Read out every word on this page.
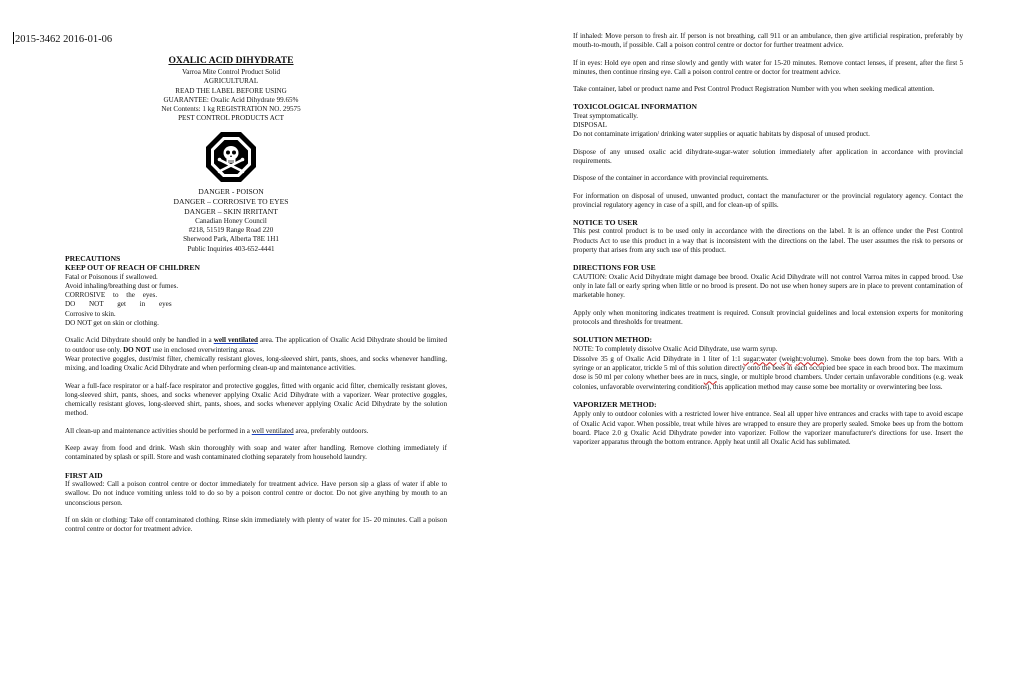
2015-3462 2016-01-06
OXALIC ACID DIHYDRATE
Varroa Mite Control Product Solid
AGRICULTURAL
READ THE LABEL BEFORE USING
GUARANTEE: Oxalic Acid Dihydrate 99.65%
Net Contents: 1 kg REGISTRATION NO. 29575
PEST CONTROL PRODUCTS ACT
DANGER - POISON
DANGER – CORROSIVE TO EYES
DANGER – SKIN IRRITANT
Canadian Honey Council
#218, 51519 Range Road 220
Sherwood Park, Alberta T8E 1H1
Public Inquiries 403-652-4441
PRECAUTIONS
KEEP OUT OF REACH OF CHILDREN
Fatal or Poisonous if swallowed.
Avoid inhaling/breathing dust or fumes.
CORROSIVE to the eyes.
DO NOT get in eyes
Corrosive to skin.
DO NOT get on skin or clothing.

Oxalic Acid Dihydrate should only be handled in a well ventilated area. The application of Oxalic Acid Dihydrate should be limited to outdoor use only. DO NOT use in enclosed overwintering areas.
Wear protective goggles, dust/mist filter, chemically resistant gloves, long-sleeved shirt, pants, shoes, and socks whenever handling, mixing, and loading Oxalic Acid Dihydrate and when performing clean-up and maintenance activities.

Wear a full-face respirator or a half-face respirator and protective goggles, fitted with organic acid filter, chemically resistant gloves, long-sleeved shirt, pants, shoes, and socks whenever applying Oxalic Acid Dihydrate with a vaporizer. Wear protective goggles, chemically resistant gloves, long-sleeved shirt, pants, shoes, and socks whenever applying Oxalic Acid Dihydrate by the solution method.

All clean-up and maintenance activities should be performed in a well ventilated area, preferably outdoors.

Keep away from food and drink. Wash skin thoroughly with soap and water after handling. Remove clothing immediately if contaminated by splash or spill. Store and wash contaminated clothing separately from household laundry.

FIRST AID

If swallowed: Call a poison control centre or doctor immediately for treatment advice. Have person sip a glass of water if able to swallow. Do not induce vomiting unless told to do so by a poison control centre or doctor. Do not give anything by mouth to an unconscious person.

If on skin or clothing: Take off contaminated clothing. Rinse skin immediately with plenty of water for 15- 20 minutes. Call a poison control centre or doctor for treatment advice.

If inhaled: Move person to fresh air. If person is not breathing, call 911 or an ambulance, then give artificial respiration, preferably by mouth-to-mouth, if possible. Call a poison control centre or doctor for further treatment advice.

If in eyes: Hold eye open and rinse slowly and gently with water for 15-20 minutes. Remove contact lenses, if present, after the first 5 minutes, then continue rinsing eye. Call a poison control centre or doctor for treatment advice.

Take container, label or product name and Pest Control Product Registration Number with you when seeking medical attention.

TOXICOLOGICAL INFORMATION
Treat symptomatically.
DISPOSAL

Do not contaminate irrigation/ drinking water supplies or aquatic habitats by disposal of unused product.

Dispose of any unused oxalic acid dihydrate-sugar-water solution immediately after application in accordance with provincial requirements.

Dispose of the container in accordance with provincial requirements.

For information on disposal of unused, unwanted product, contact the manufacturer or the provincial regulatory agency. Contact the provincial regulatory agency in case of a spill, and for clean-up of spills.

NOTICE TO USER

This pest control product is to be used only in accordance with the directions on the label. It is an offence under the Pest Control Products Act to use this product in a way that is inconsistent with the directions on the label. The user assumes the risk to persons or property that arises from any such use of this product.

DIRECTIONS FOR USE

CAUTION: Oxalic Acid Dihydrate might damage bee brood. Oxalic Acid Dihydrate will not control Varroa mites in capped brood. Use only in late fall or early spring when little or no brood is present. Do not use when honey supers are in place to prevent contamination of marketable honey.

Apply only when monitoring indicates treatment is required. Consult provincial guidelines and local extension experts for monitoring protocols and thresholds for treatment.

SOLUTION METHOD:
NOTE: To completely dissolve Oxalic Acid Dihydrate, use warm syrup.

Dissolve 35 g of Oxalic Acid Dihydrate in 1 liter of 1:1 sugar:water (weight:volume). Smoke bees down from the top bars. With a syringe or an applicator, trickle 5 ml of this solution directly onto the bees in each occupied bee space in each brood box. The maximum dose is 50 ml per colony whether bees are in nucs, single, or multiple brood chambers. Under certain unfavorable conditions (e.g. weak colonies, unfavorable overwintering conditions), this application method may cause some bee mortality or overwintering bee loss.

VAPORIZER METHOD:

Apply only to outdoor colonies with a restricted lower hive entrance. Seal all upper hive entrances and cracks with tape to avoid escape of Oxalic Acid vapor. When possible, treat while hives are wrapped to ensure they are properly sealed. Smoke bees up from the bottom board. Place 2.0 g Oxalic Acid Dihydrate powder into vaporizer. Follow the vaporizer manufacturer's directions for use. Insert the vaporizer apparatus through the bottom entrance. Apply heat until all Oxalic Acid has sublimated.
